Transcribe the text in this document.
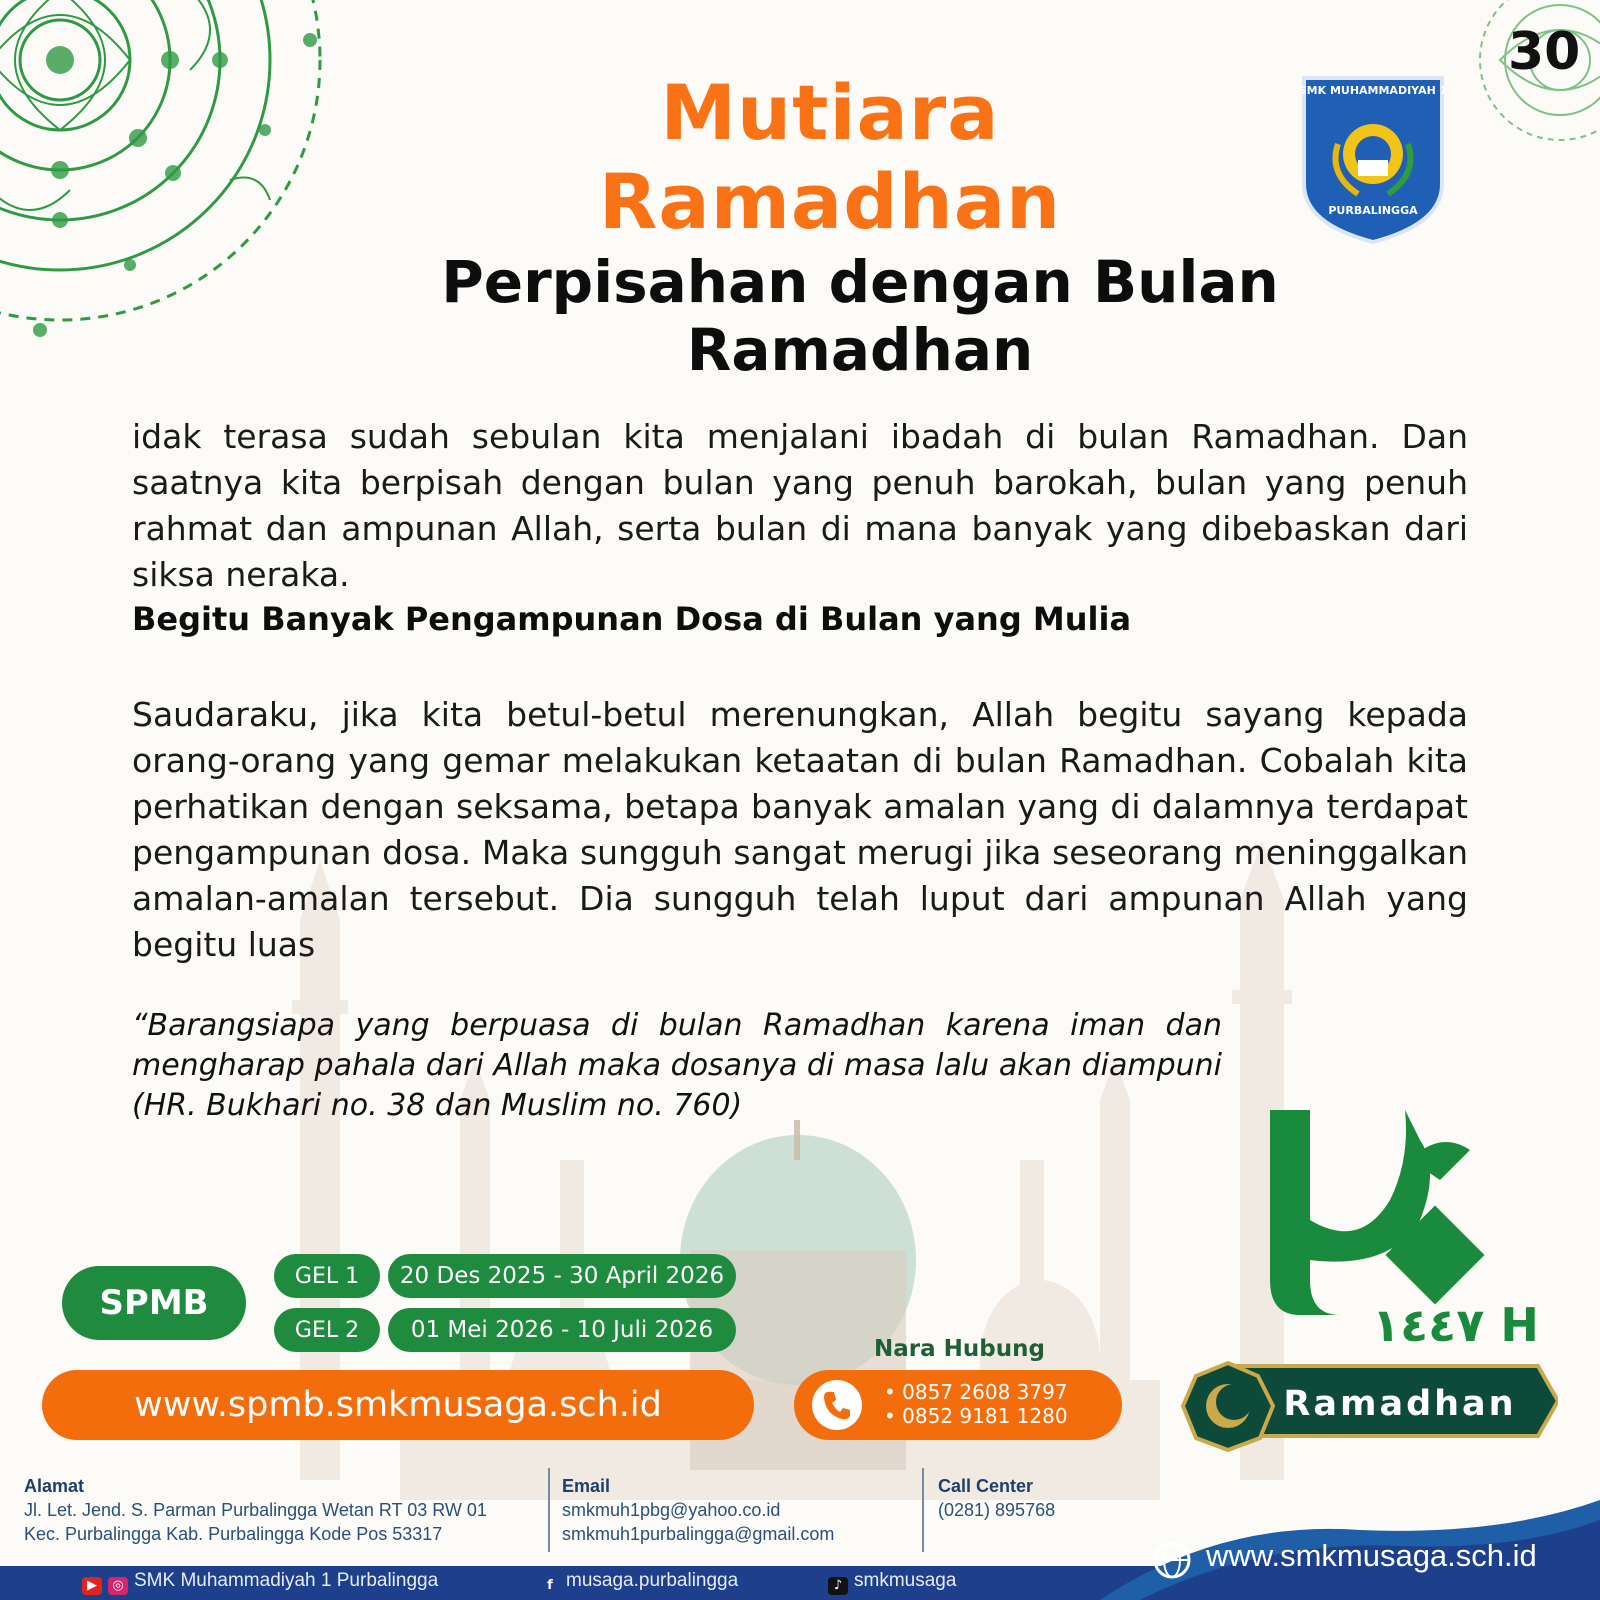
30
Mutiara Ramadhan
SMK MUHAMMADIYAH 1
PURBALINGGA
Perpisahan dengan Bulan Ramadhan
idak terasa sudah sebulan kita menjalani ibadah di bulan Ramadhan. Dan saatnya kita berpisah dengan bulan yang penuh barokah, bulan yang penuh rahmat dan ampunan Allah, serta bulan di mana banyak yang dibebaskan dari siksa neraka.
Begitu Banyak Pengampunan Dosa di Bulan yang Mulia
Saudaraku, jika kita betul-betul merenungkan, Allah begitu sayang kepada orang-orang yang gemar melakukan ketaatan di bulan Ramadhan. Cobalah kita perhatikan dengan seksama, betapa banyak amalan yang di dalamnya terdapat pengampunan dosa. Maka sungguh sangat merugi jika seseorang meninggalkan amalan-amalan tersebut. Dia sungguh telah luput dari ampunan Allah yang begitu luas
“Barangsiapa yang berpuasa di bulan Ramadhan karena iman dan mengharap pahala dari Allah maka dosanya di masa lalu akan diampuni (HR. Bukhari no. 38 dan Muslim no. 760)
١٤٤٧ H
SPMB
GEL 1	20 Des 2025 - 30 April 2026
GEL 2	01 Mei 2026 - 10 Juli 2026
www.spmb.smkmusaga.sch.id
Nara Hubung
• 0857 2608 3797
• 0852 9181 1280	Ramadhan
Alamat
Jl. Let. Jend. S. Parman Purbalingga Wetan RT 03 RW 01
Kec. Purbalingga Kab. Purbalingga Kode Pos 53317
Email
smkmuh1pbg@yahoo.co.id
smkmuh1purbalingga@gmail.com
Call Center
(0281) 895768
▶ ◎ SMK Muhammadiyah 1 Purbalingga	f musaga.purbalingga	♪ smkmusaga
www.smkmusaga.sch.id
